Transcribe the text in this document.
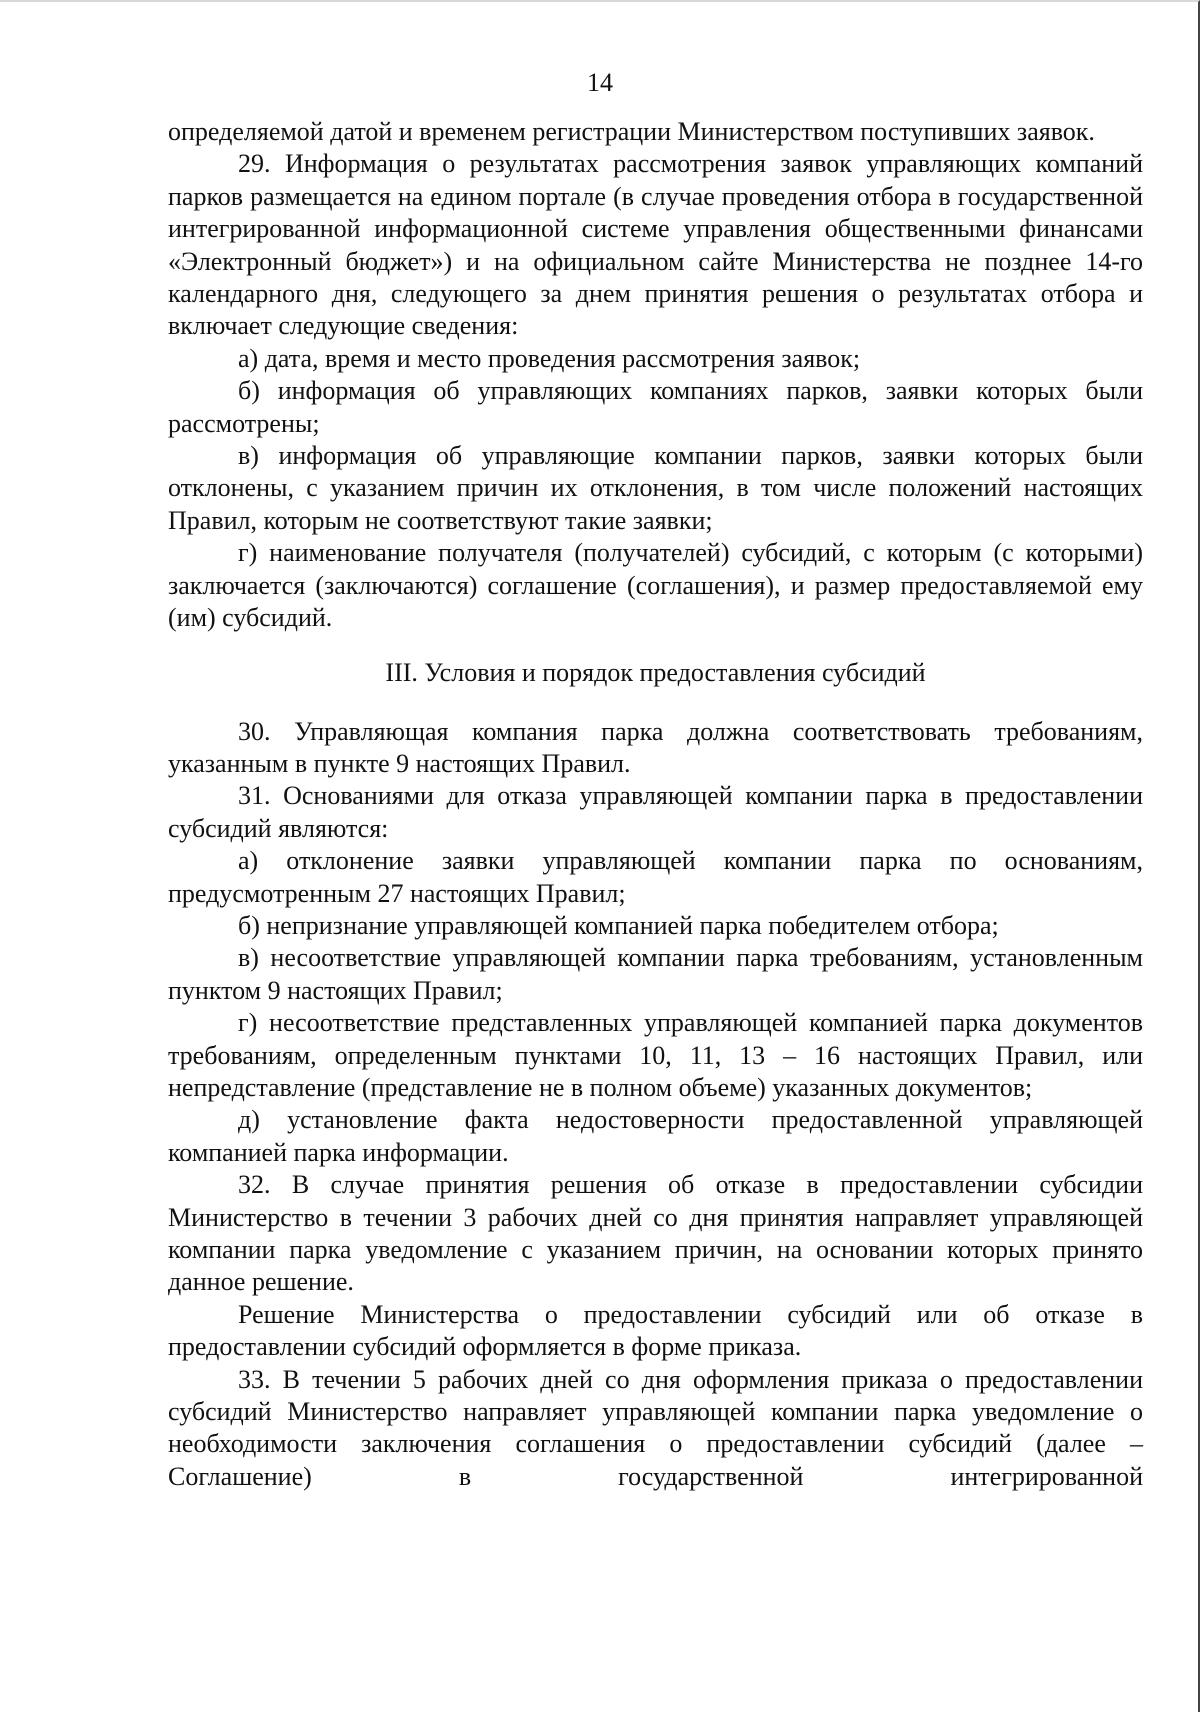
14

определяемой датой и временем регистрации Министерством поступивших заявок.

29. Информация о результатах рассмотрения заявок управляющих компаний парков размещается на едином портале (в случае проведения отбора в государственной интегрированной информационной системе управления общественными финансами «Электронный бюджет») и на официальном сайте Министерства не позднее 14-го календарного дня, следующего за днем принятия решения о результатах отбора и включает следующие сведения:

а) дата, время и место проведения рассмотрения заявок;

б) информация об управляющих компаниях парков, заявки которых были рассмотрены;

в) информация об управляющие компании парков, заявки которых были отклонены, с указанием причин их отклонения, в том числе положений настоящих Правил, которым не соответствуют такие заявки;

г) наименование получателя (получателей) субсидий, с которым (с которыми) заключается (заключаются) соглашение (соглашения), и размер предоставляемой ему (им) субсидий.

III. Условия и порядок предоставления субсидий

30. Управляющая компания парка должна соответствовать требованиям, указанным в пункте 9 настоящих Правил.

31. Основаниями для отказа управляющей компании парка в предоставлении субсидий являются:

а) отклонение заявки управляющей компании парка по основаниям, предусмотренным 27 настоящих Правил;

б) непризнание управляющей компанией парка победителем отбора;

в) несоответствие управляющей компании парка требованиям, установленным пунктом 9 настоящих Правил;

г) несоответствие представленных управляющей компанией парка документов требованиям, определенным пунктами 10, 11, 13 – 16 настоящих Правил, или непредставление (представление не в полном объеме) указанных документов;

д) установление факта недостоверности предоставленной управляющей компанией парка информации.

32. В случае принятия решения об отказе в предоставлении субсидии Министерство в течении 3 рабочих дней со дня принятия направляет управляющей компании парка уведомление с указанием причин, на основании которых принято данное решение.

Решение Министерства о предоставлении субсидий или об отказе в предоставлении субсидий оформляется в форме приказа.

33. В течении 5 рабочих дней со дня оформления приказа о предоставлении субсидий Министерство направляет управляющей компании парка уведомление о необходимости заключения соглашения о предоставлении субсидий (далее – Соглашение) в государственной интегрированной
